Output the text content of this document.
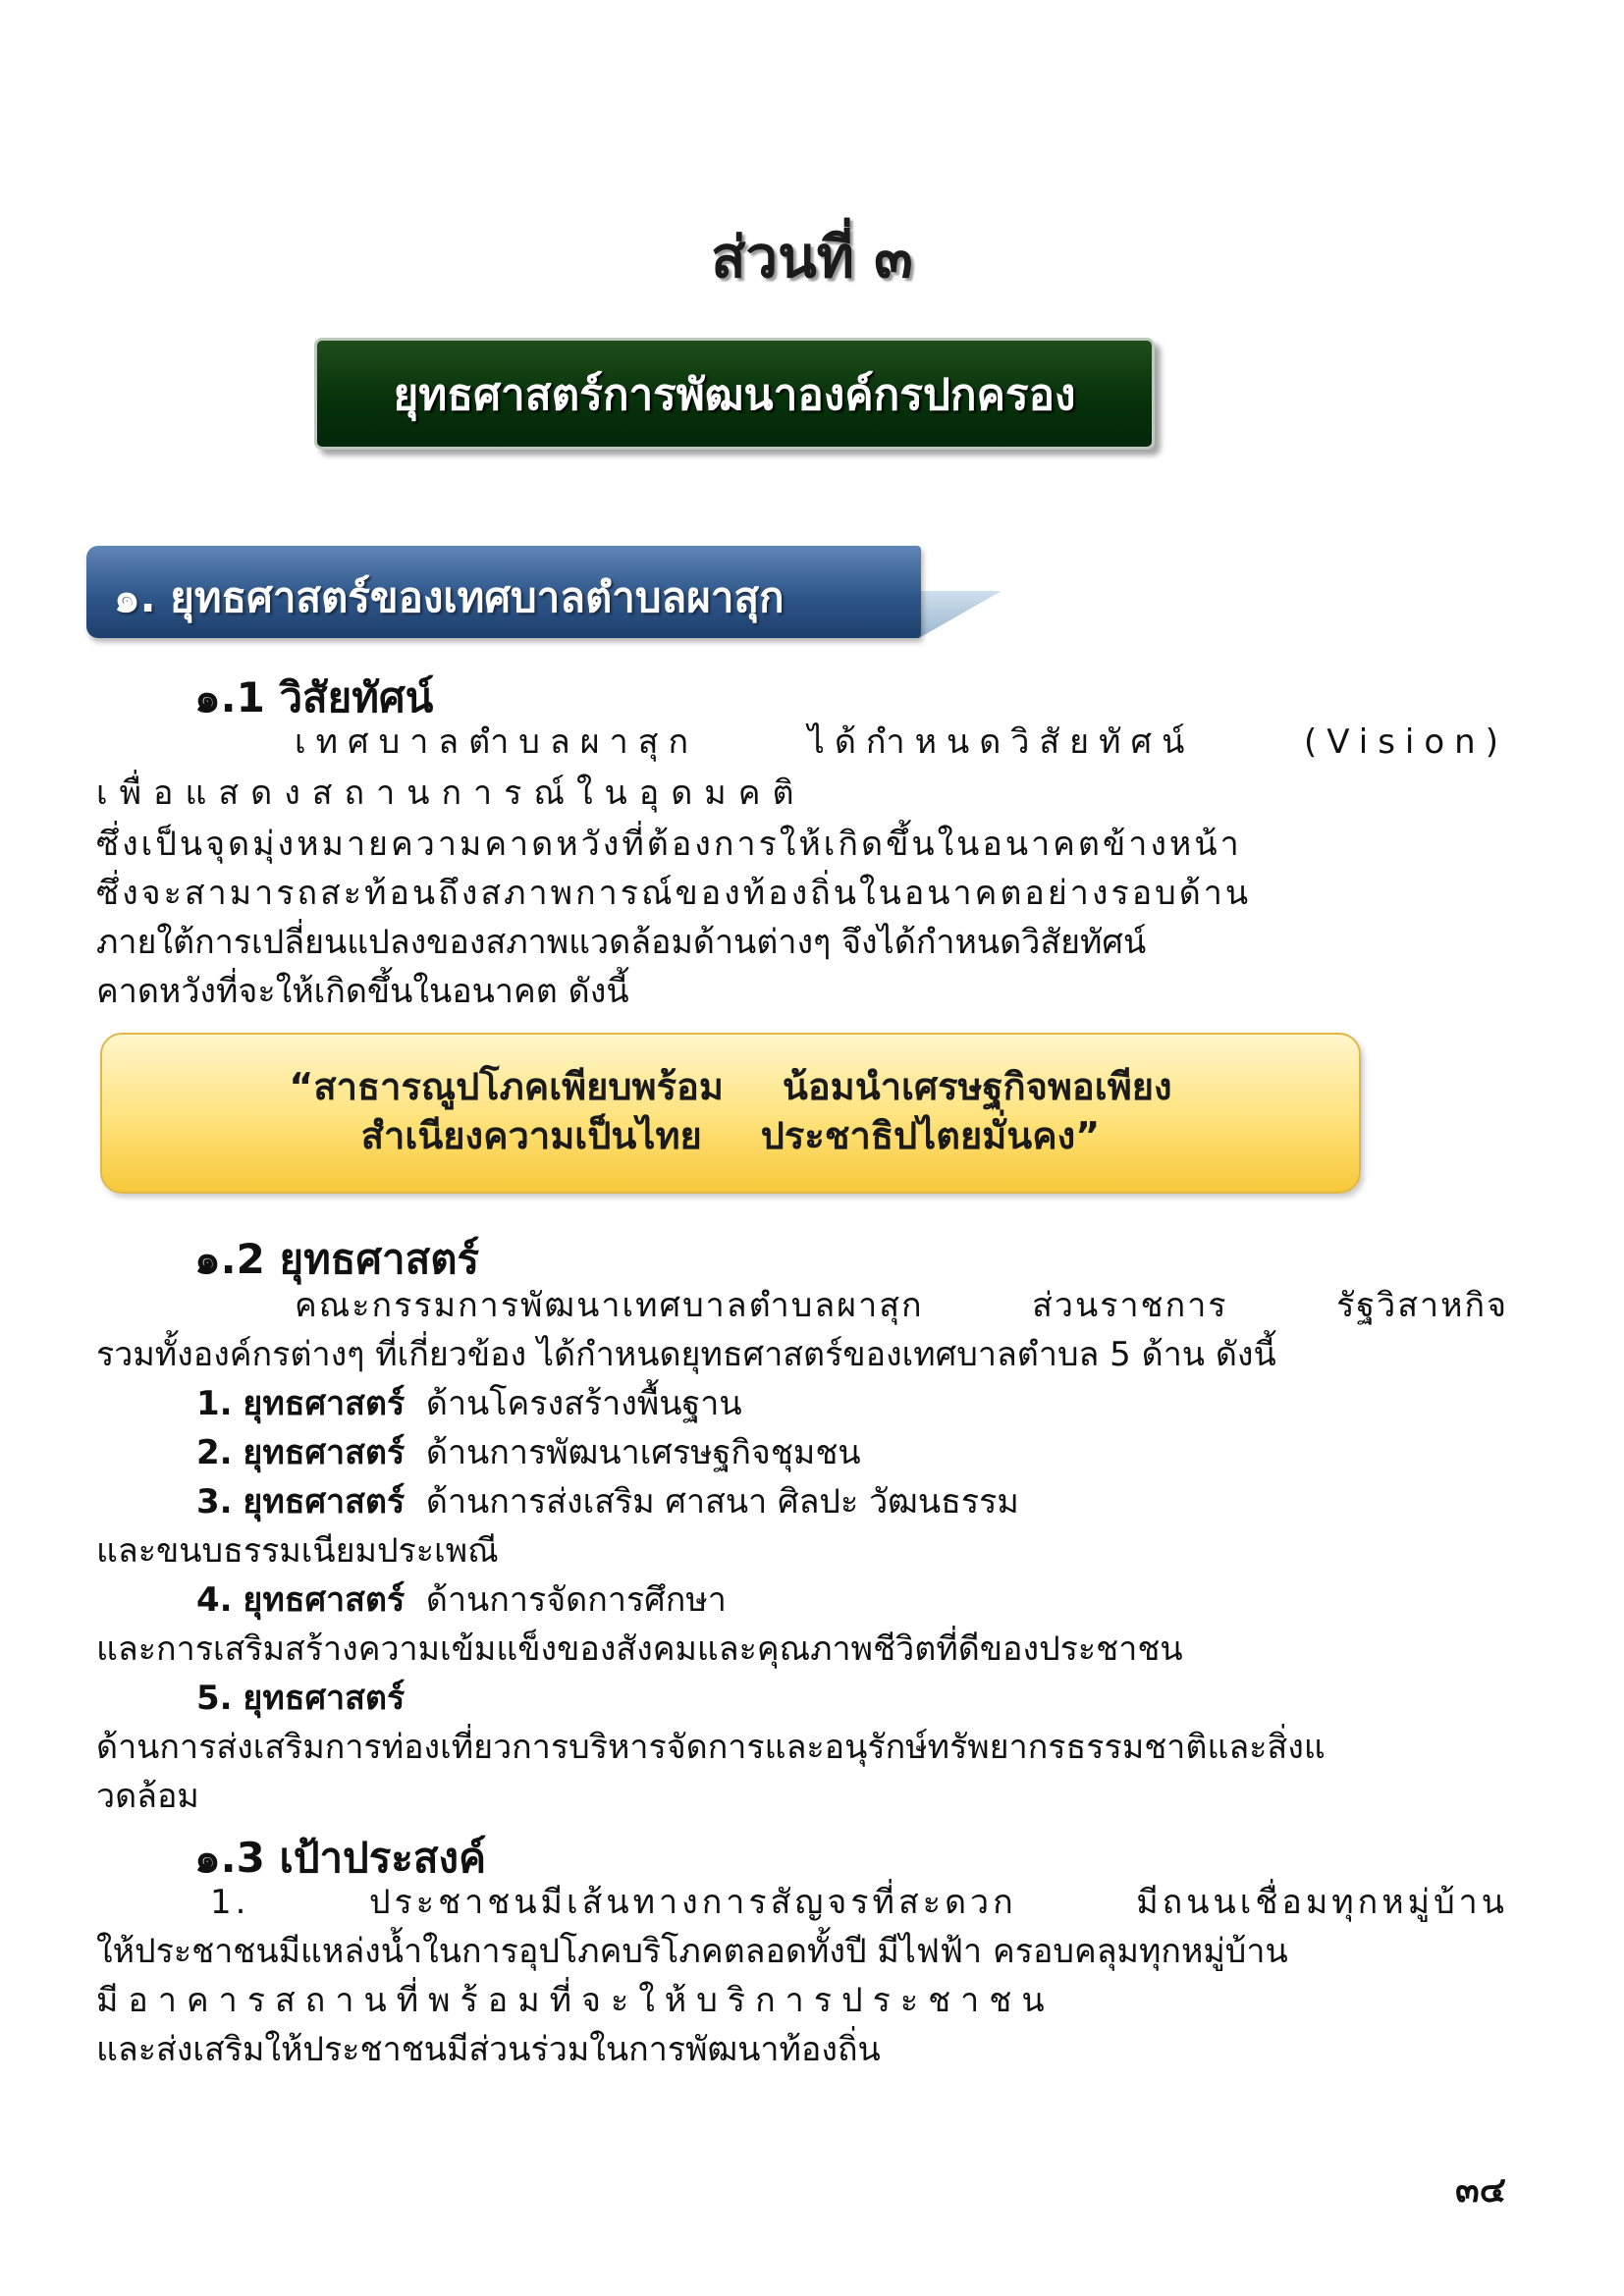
ส่วนที่ ๓
ยุทธศาสตร์การพัฒนาองค์กรปกครอง
๑. ยุทธศาสตร์ของเทศบาลตำบลผาสุก
๑.1 วิสัยทัศน์
เทศบาลตำบลผาสุก ได้กำหนดวิสัยทัศน์ (Vision)
เพื่อแสดงสถานการณ์ในอุดมคติ
ซึ่งเป็นจุดมุ่งหมายความคาดหวังที่ต้องการให้เกิดขึ้นในอนาคตข้างหน้า
ซึ่งจะสามารถสะท้อนถึงสภาพการณ์ของท้องถิ่นในอนาคตอย่างรอบด้าน
ภายใต้การเปลี่ยนแปลงของสภาพแวดล้อมด้านต่างๆ จึงได้กำหนดวิสัยทัศน์
คาดหวังที่จะให้เกิดขึ้นในอนาคต ดังนี้
“สาธารณูปโภคเพียบพร้อม น้อมนำเศรษฐกิจพอเพียง
สำเนียงความเป็นไทย ประชาธิปไตยมั่นคง”
๑.2 ยุทธศาสตร์
คณะกรรมการพัฒนาเทศบาลตำบลผาสุก ส่วนราชการ รัฐวิสาหกิจ
รวมทั้งองค์กรต่างๆ ที่เกี่ยวข้อง ได้กำหนดยุทธศาสตร์ของเทศบาลตำบล 5 ด้าน ดังนี้
1. ยุทธศาสตร์ ด้านโครงสร้างพื้นฐาน
2. ยุทธศาสตร์ ด้านการพัฒนาเศรษฐกิจชุมชน
3. ยุทธศาสตร์ ด้านการส่งเสริม ศาสนา ศิลปะ วัฒนธรรม
และขนบธรรมเนียมประเพณี
4. ยุทธศาสตร์ ด้านการจัดการศึกษา
และการเสริมสร้างความเข้มแข็งของสังคมและคุณภาพชีวิตที่ดีของประชาชน
5. ยุทธศาสตร์
ด้านการส่งเสริมการท่องเที่ยวการบริหารจัดการและอนุรักษ์ทรัพยากรธรรมชาติและสิ่งแ
วดล้อม
๑.3 เป้าประสงค์
1. ประชาชนมีเส้นทางการสัญจรที่สะดวก มีถนนเชื่อมทุกหมู่บ้าน
ให้ประชาชนมีแหล่งน้ำในการอุปโภคบริโภคตลอดทั้งปี มีไฟฟ้า ครอบคลุมทุกหมู่บ้าน
มีอาคารสถานที่พร้อมที่จะให้บริการประชาชน
และส่งเสริมให้ประชาชนมีส่วนร่วมในการพัฒนาท้องถิ่น
๓๔
